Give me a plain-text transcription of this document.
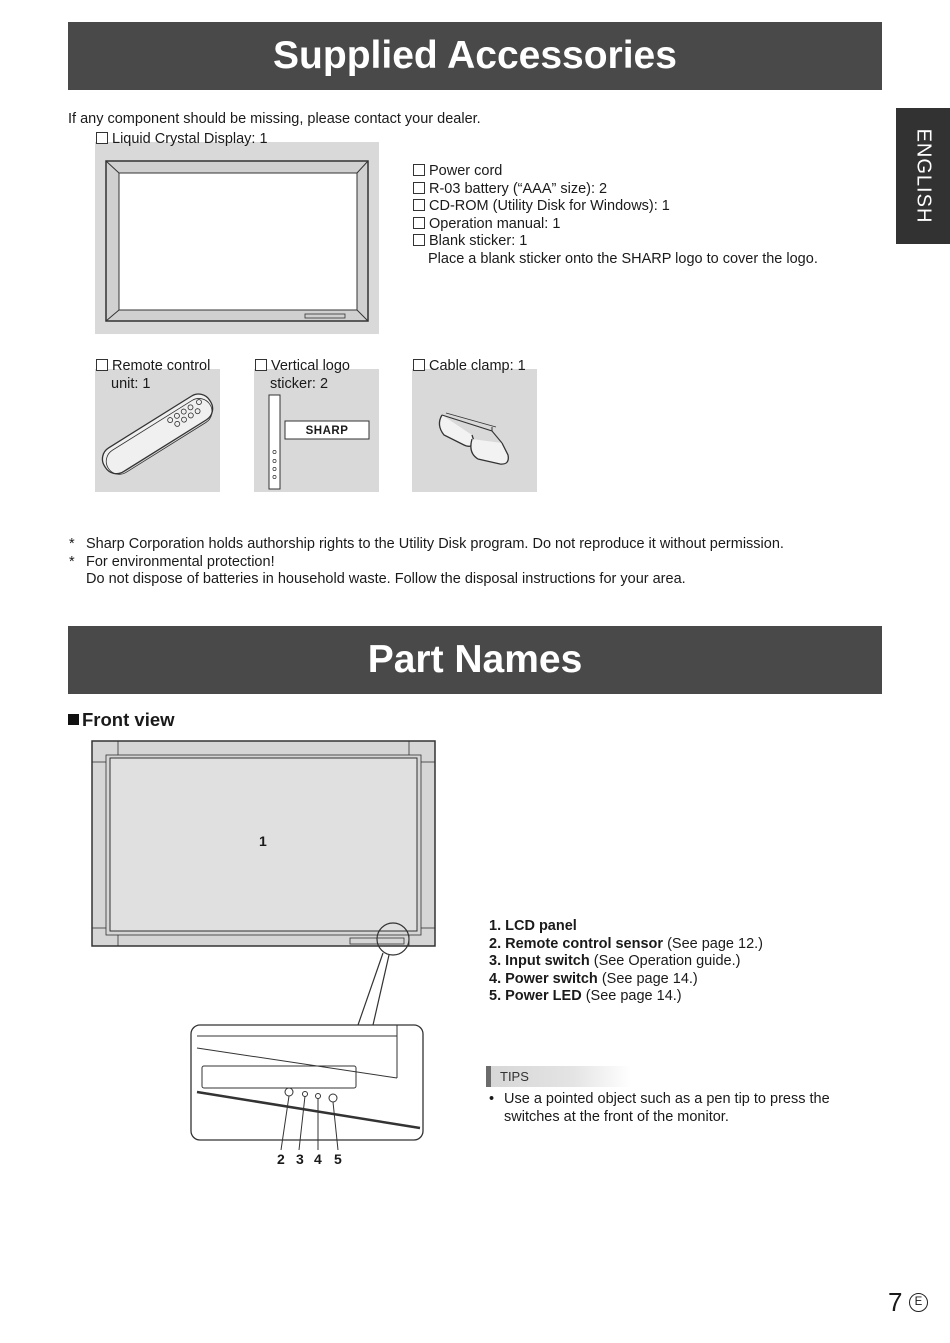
ENGLISH
Supplied Accessories
If any component should be missing, please contact your dealer.
Liquid Crystal Display: 1
Power cord
R-03 battery (“AAA” size): 2
CD-ROM (Utility Disk for Windows): 1
Operation manual: 1
Blank sticker: 1
Place a blank sticker onto the SHARP logo to cover the logo.
Remote control
unit: 1
SHARP
Vertical logo
sticker: 2
Cable clamp: 1
* Sharp Corporation holds authorship rights to the Utility Disk program. Do not reproduce it without permission.
* For environmental protection!
Do not dispose of batteries in household waste. Follow the disposal instructions for your area.
Part Names
Front view
1
2 3 4 5
1. LCD panel
2. Remote control sensor (See page 12.)
3. Input switch (See Operation guide.)
4. Power switch (See page 14.)
5. Power LED (See page 14.)
TIPS
• Use a pointed object such as a pen tip to press the
switches at the front of the monitor.
7	E
